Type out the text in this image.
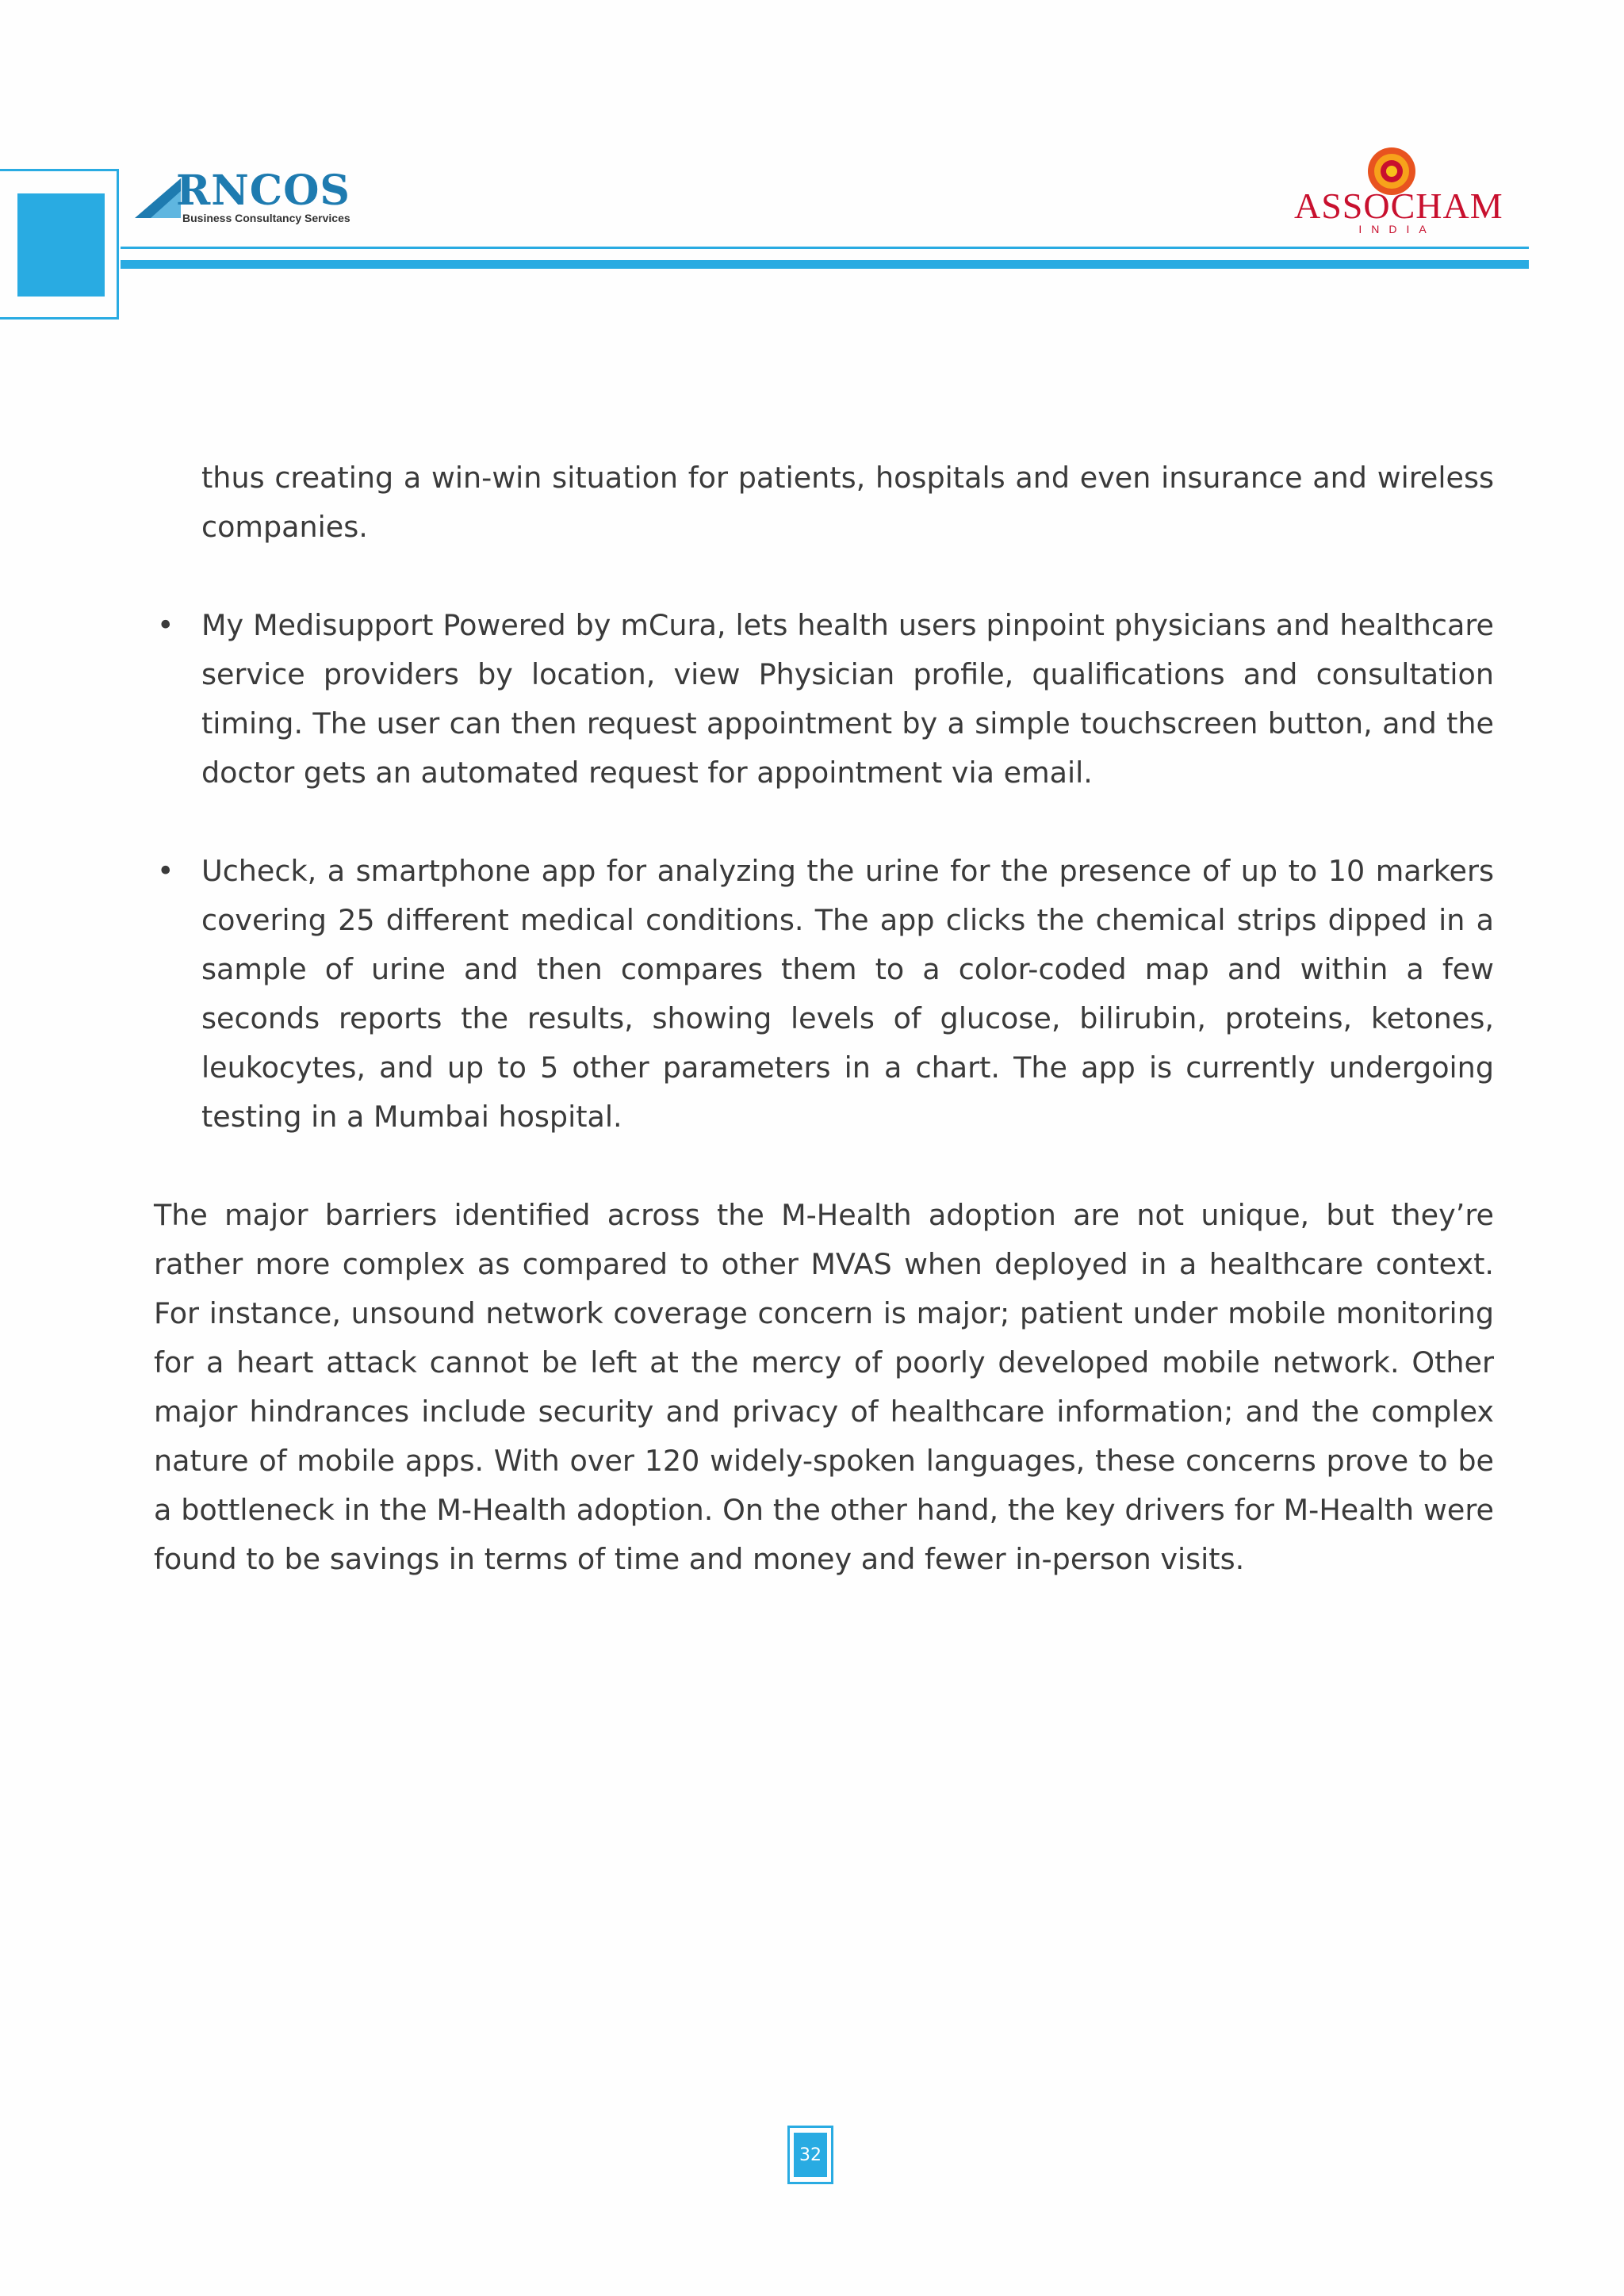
RNCOS
Business Consultancy Services	ASSOCHAM
INDIA

thus creating a win-win situation for patients, hospitals and even insurance and wireless companies.

• My Medisupport Powered by mCura, lets health users pinpoint physicians and healthcare service providers by location, view Physician profile, qualifications and consultation timing. The user can then request appointment by a simple touchscreen button, and the doctor gets an automated request for appointment via email.
• Ucheck, a smartphone app for analyzing the urine for the presence of up to 10 markers covering 25 different medical conditions. The app clicks the chemical strips dipped in a sample of urine and then compares them to a color-coded map and within a few seconds reports the results, showing levels of glucose, bilirubin, proteins, ketones, leukocytes, and up to 5 other parameters in a chart. The app is currently undergoing testing in a Mumbai hospital.

The major barriers identified across the M-Health adoption are not unique, but they’re rather more complex as compared to other MVAS when deployed in a healthcare context. For instance, unsound network coverage concern is major; patient under mobile monitoring for a heart attack cannot be left at the mercy of poorly developed mobile network. Other major hindrances include security and privacy of healthcare information; and the complex nature of mobile apps. With over 120 widely-spoken languages, these concerns prove to be a bottleneck in the M-Health adoption. On the other hand, the key drivers for M-Health were found to be savings in terms of time and money and fewer in-person visits.

32
